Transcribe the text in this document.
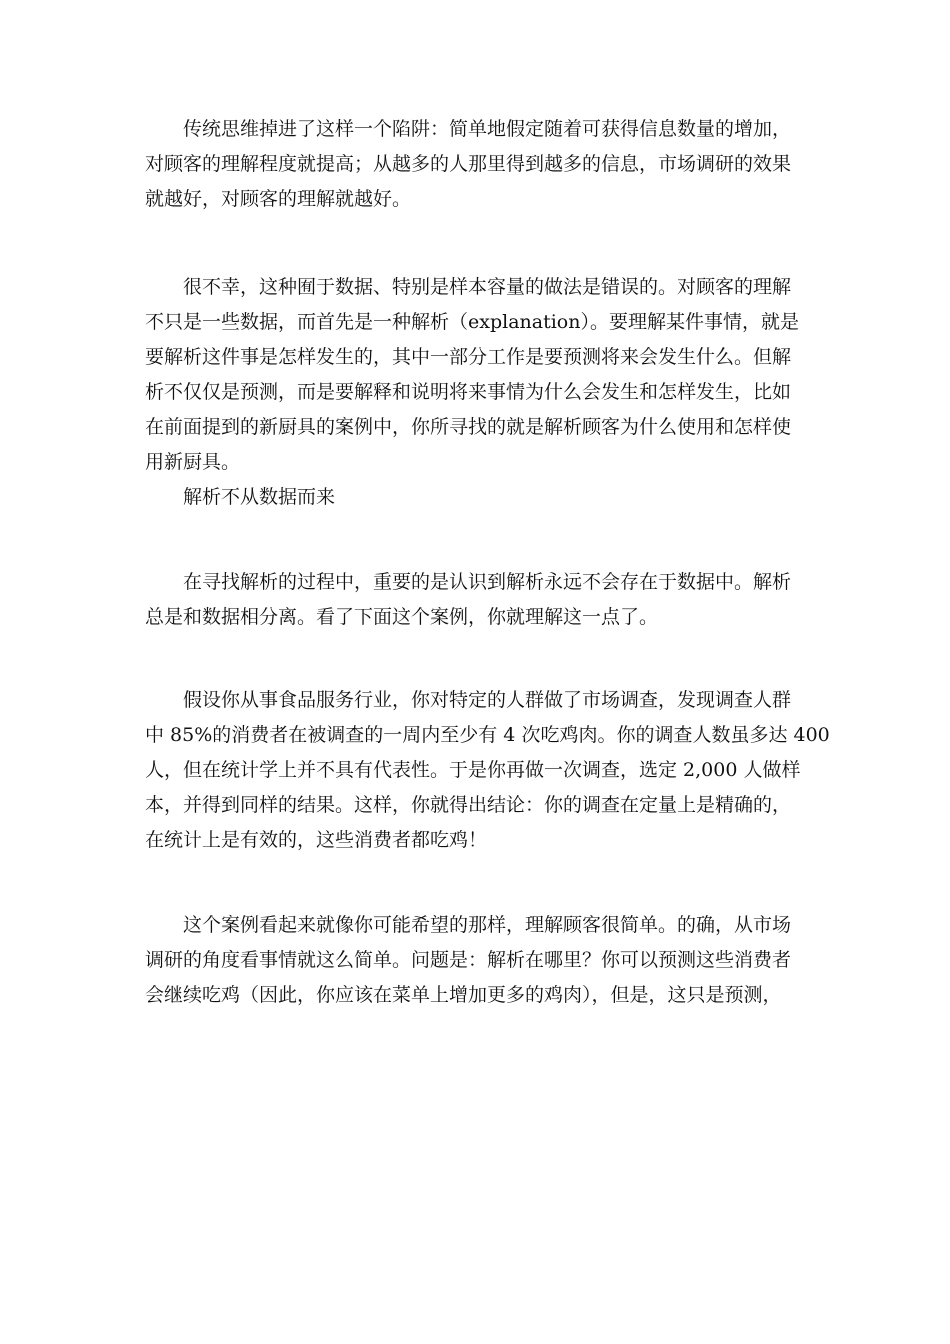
传统思维掉进了这样一个陷阱：简单地假定随着可获得信息数量的增加，
对顾客的理解程度就提高；从越多的人那里得到越多的信息，市场调研的效果
就越好，对顾客的理解就越好。

很不幸，这种囿于数据、特别是样本容量的做法是错误的。对顾客的理解
不只是一些数据，而首先是一种解析（explanation）。要理解某件事情，就是
要解析这件事是怎样发生的，其中一部分工作是要预测将来会发生什么。但解
析不仅仅是预测，而是要解释和说明将来事情为什么会发生和怎样发生，比如
在前面提到的新厨具的案例中，你所寻找的就是解析顾客为什么使用和怎样使
用新厨具。

解析不从数据而来

在寻找解析的过程中，重要的是认识到解析永远不会存在于数据中。解析
总是和数据相分离。看了下面这个案例，你就理解这一点了。

假设你从事食品服务行业，你对特定的人群做了市场调查，发现调查人群
中 85%的消费者在被调查的一周内至少有 4 次吃鸡肉。你的调查人数虽多达 400
人，但在统计学上并不具有代表性。于是你再做一次调查，选定 2,000 人做样
本，并得到同样的结果。这样，你就得出结论：你的调查在定量上是精确的，
在统计上是有效的，这些消费者都吃鸡！

这个案例看起来就像你可能希望的那样，理解顾客很简单。的确，从市场
调研的角度看事情就这么简单。问题是：解析在哪里？你可以预测这些消费者
会继续吃鸡（因此，你应该在菜单上增加更多的鸡肉），但是，这只是预测，
